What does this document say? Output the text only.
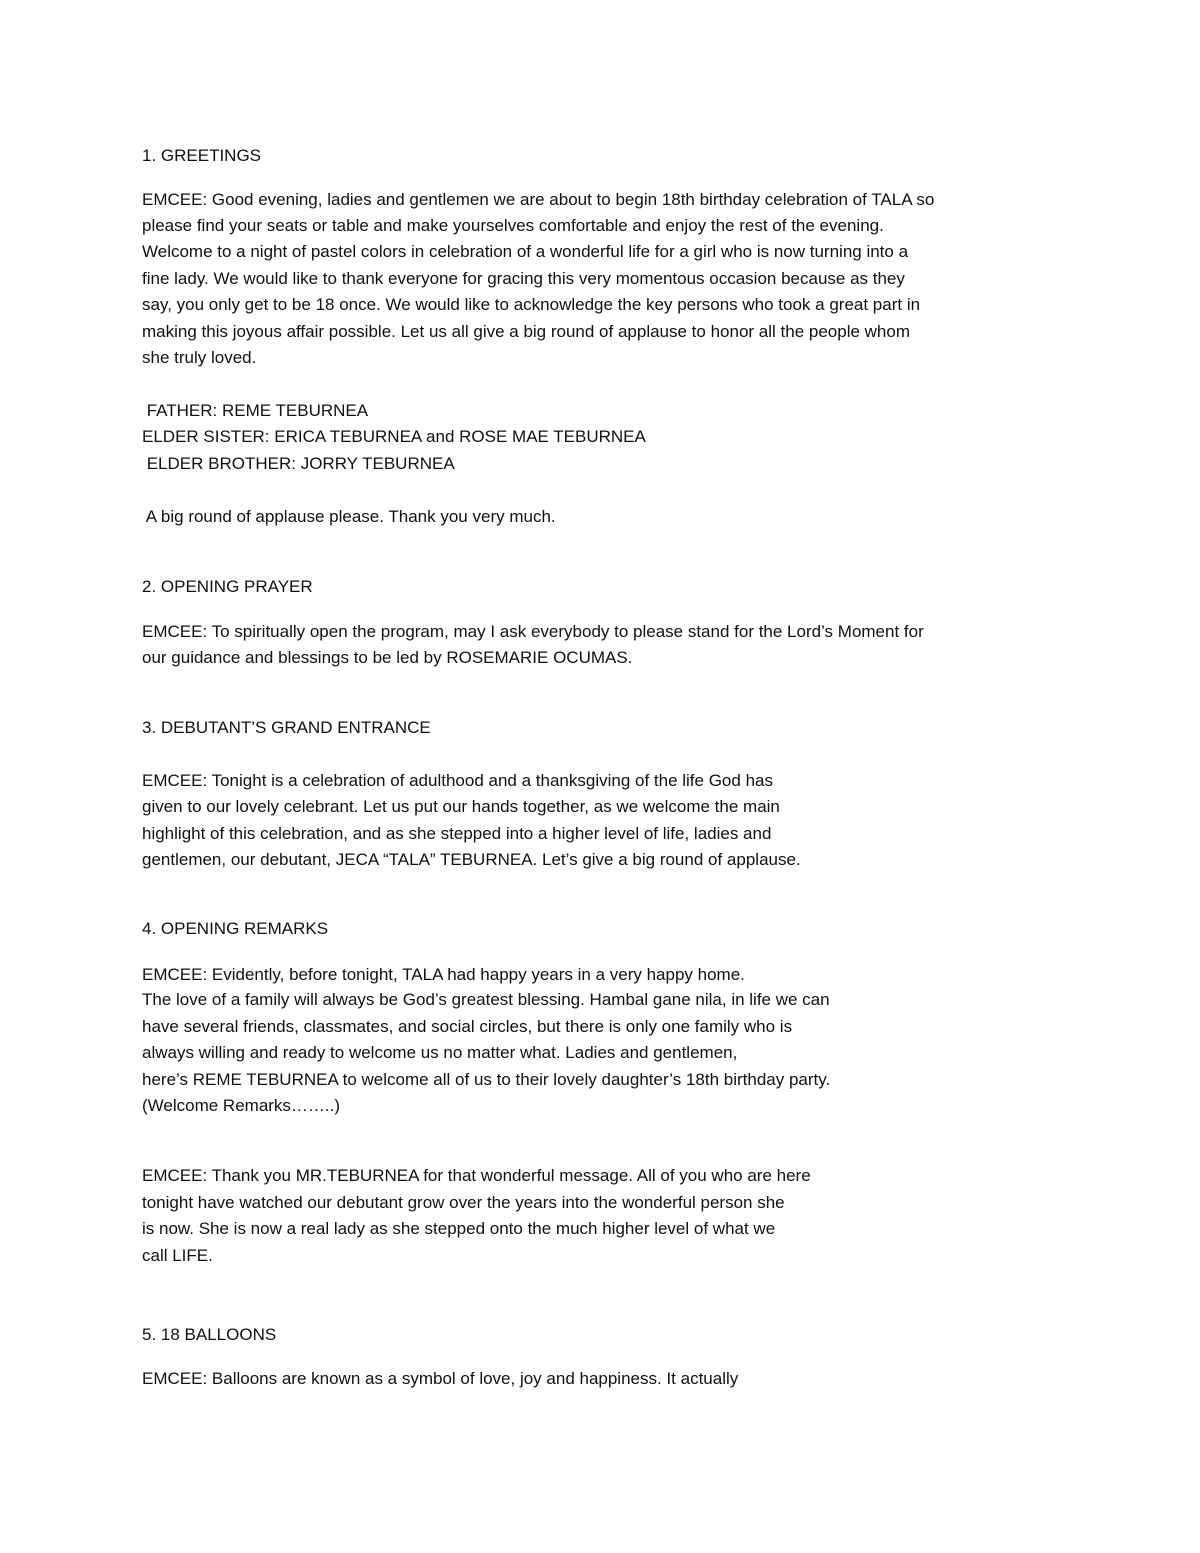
1. GREETINGS
EMCEE: Good evening, ladies and gentlemen we are about to begin 18th birthday celebration of TALA so
please find your seats or table and make yourselves comfortable and enjoy the rest of the evening.
Welcome to a night of pastel colors in celebration of a wonderful life for a girl who is now turning into a
fine lady. We would like to thank everyone for gracing this very momentous occasion because as they
say, you only get to be 18 once. We would like to acknowledge the key persons who took a great part in
making this joyous affair possible. Let us all give a big round of applause to honor all the people whom
she truly loved.
FATHER: REME TEBURNEA
ELDER SISTER: ERICA TEBURNEA and ROSE MAE TEBURNEA
ELDER BROTHER: JORRY TEBURNEA
A big round of applause please. Thank you very much.
2. OPENING PRAYER
EMCEE: To spiritually open the program, may I ask everybody to please stand for the Lord’s Moment for
our guidance and blessings to be led by ROSEMARIE OCUMAS.
3. DEBUTANT’S GRAND ENTRANCE
EMCEE: Tonight is a celebration of adulthood and a thanksgiving of the life God has
given to our lovely celebrant. Let us put our hands together, as we welcome the main
highlight of this celebration, and as she stepped into a higher level of life, ladies and
gentlemen, our debutant, JECA “TALA” TEBURNEA. Let’s give a big round of applause.
4. OPENING REMARKS
EMCEE: Evidently, before tonight, TALA had happy years in a very happy home.
The love of a family will always be God’s greatest blessing. Hambal gane nila, in life we can
have several friends, classmates, and social circles, but there is only one family who is
always willing and ready to welcome us no matter what. Ladies and gentlemen,
here’s REME TEBURNEA to welcome all of us to their lovely daughter’s 18th birthday party.
(Welcome Remarks……..)
EMCEE: Thank you MR.TEBURNEA for that wonderful message. All of you who are here
tonight have watched our debutant grow over the years into the wonderful person she
is now. She is now a real lady as she stepped onto the much higher level of what we
call LIFE.
5. 18 BALLOONS
EMCEE: Balloons are known as a symbol of love, joy and happiness. It actually
